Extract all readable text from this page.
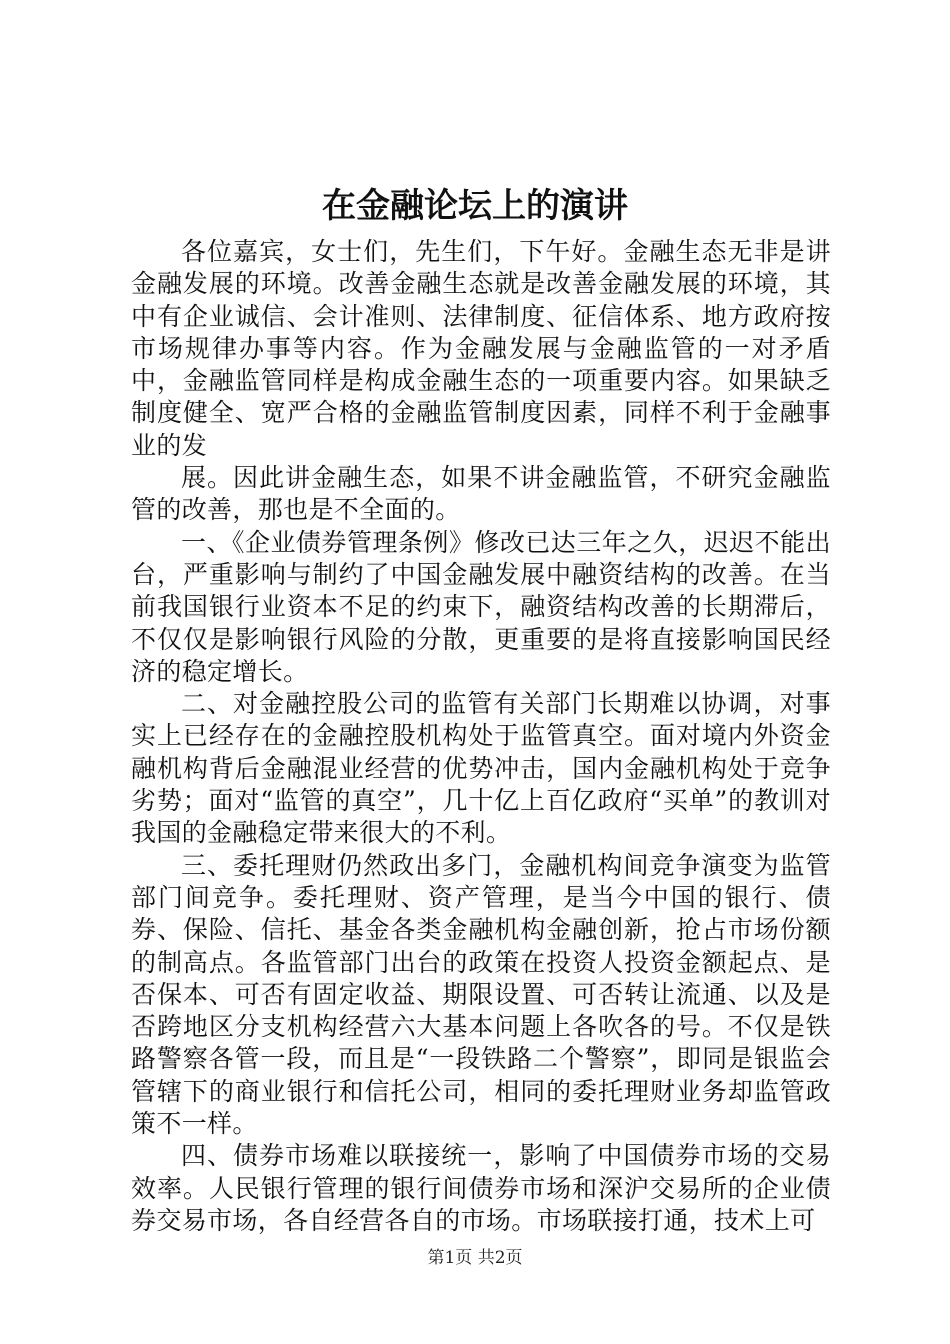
在金融论坛上的演讲

各位嘉宾，女士们，先生们，下午好。金融生态无非是讲金融发展的环境。改善金融生态就是改善金融发展的环境，其中有企业诚信、会计准则、法律制度、征信体系、地方政府按市场规律办事等内容。作为金融发展与金融监管的一对矛盾中，金融监管同样是构成金融生态的一项重要内容。如果缺乏制度健全、宽严合格的金融监管制度因素，同样不利于金融事业的发

展。因此讲金融生态，如果不讲金融监管，不研究金融监管的改善，那也是不全面的。

一、《企业债券管理条例》修改已达三年之久，迟迟不能出台，严重影响与制约了中国金融发展中融资结构的改善。在当前我国银行业资本不足的约束下，融资结构改善的长期滞后，不仅仅是影响银行风险的分散，更重要的是将直接影响国民经济的稳定增长。

二、对金融控股公司的监管有关部门长期难以协调，对事实上已经存在的金融控股机构处于监管真空。面对境内外资金融机构背后金融混业经营的优势冲击，国内金融机构处于竞争劣势；面对“监管的真空”，几十亿上百亿政府“买单”的教训对我国的金融稳定带来很大的不利。

三、委托理财仍然政出多门，金融机构间竞争演变为监管部门间竞争。委托理财、资产管理，是当今中国的银行、债券、保险、信托、基金各类金融机构金融创新，抢占市场份额的制高点。各监管部门出台的政策在投资人投资金额起点、是否保本、可否有固定收益、期限设置、可否转让流通、以及是否跨地区分支机构经营六大基本问题上各吹各的号。不仅是铁路警察各管一段，而且是“一段铁路二个警察”，即同是银监会管辖下的商业银行和信托公司，相同的委托理财业务却监管政策不一样。

四、债券市场难以联接统一，影响了中国债券市场的交易效率。人民银行管理的银行间债券市场和深沪交易所的企业债券交易市场，各自经营各自的市场。市场联接打通，技术上可

第1页 共2页
